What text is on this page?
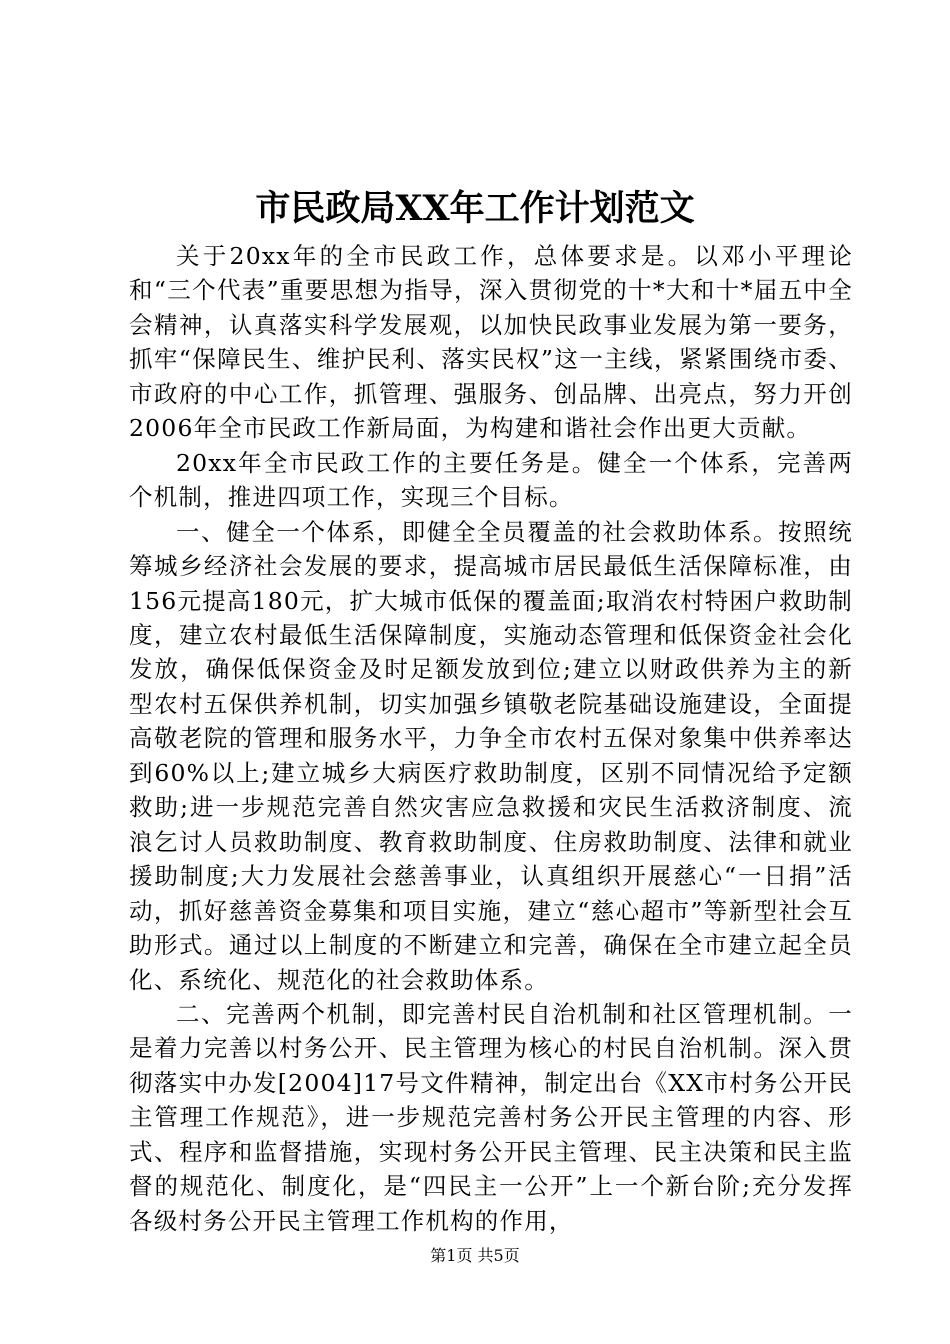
市民政局XX年工作计划范文

关于20xx年的全市民政工作，总体要求是。以邓小平理论和“三个代表”重要思想为指导，深入贯彻党的十*大和十*届五中全会精神，认真落实科学发展观，以加快民政事业发展为第一要务，抓牢“保障民生、维护民利、落实民权”这一主线，紧紧围绕市委、市政府的中心工作，抓管理、强服务、创品牌、出亮点，努力开创2006年全市民政工作新局面，为构建和谐社会作出更大贡献。

20xx年全市民政工作的主要任务是。健全一个体系，完善两个机制，推进四项工作，实现三个目标。

一、健全一个体系，即健全全员覆盖的社会救助体系。按照统筹城乡经济社会发展的要求，提高城市居民最低生活保障标准，由156元提高180元，扩大城市低保的覆盖面;取消农村特困户救助制度，建立农村最低生活保障制度，实施动态管理和低保资金社会化发放，确保低保资金及时足额发放到位;建立以财政供养为主的新型农村五保供养机制，切实加强乡镇敬老院基础设施建设，全面提高敬老院的管理和服务水平，力争全市农村五保对象集中供养率达到60%以上;建立城乡大病医疗救助制度，区别不同情况给予定额救助;进一步规范完善自然灾害应急救援和灾民生活救济制度、流浪乞讨人员救助制度、教育救助制度、住房救助制度、法律和就业援助制度;大力发展社会慈善事业，认真组织开展慈心“一日捐”活动，抓好慈善资金募集和项目实施，建立“慈心超市”等新型社会互助形式。通过以上制度的不断建立和完善，确保在全市建立起全员化、系统化、规范化的社会救助体系。

二、完善两个机制，即完善村民自治机制和社区管理机制。一是着力完善以村务公开、民主管理为核心的村民自治机制。深入贯彻落实中办发[2004]17号文件精神，制定出台《XX市村务公开民主管理工作规范》，进一步规范完善村务公开民主管理的内容、形式、程序和监督措施，实现村务公开民主管理、民主决策和民主监督的规范化、制度化，是“四民主一公开”上一个新台阶;充分发挥各级村务公开民主管理工作机构的作用，

第1页 共5页
